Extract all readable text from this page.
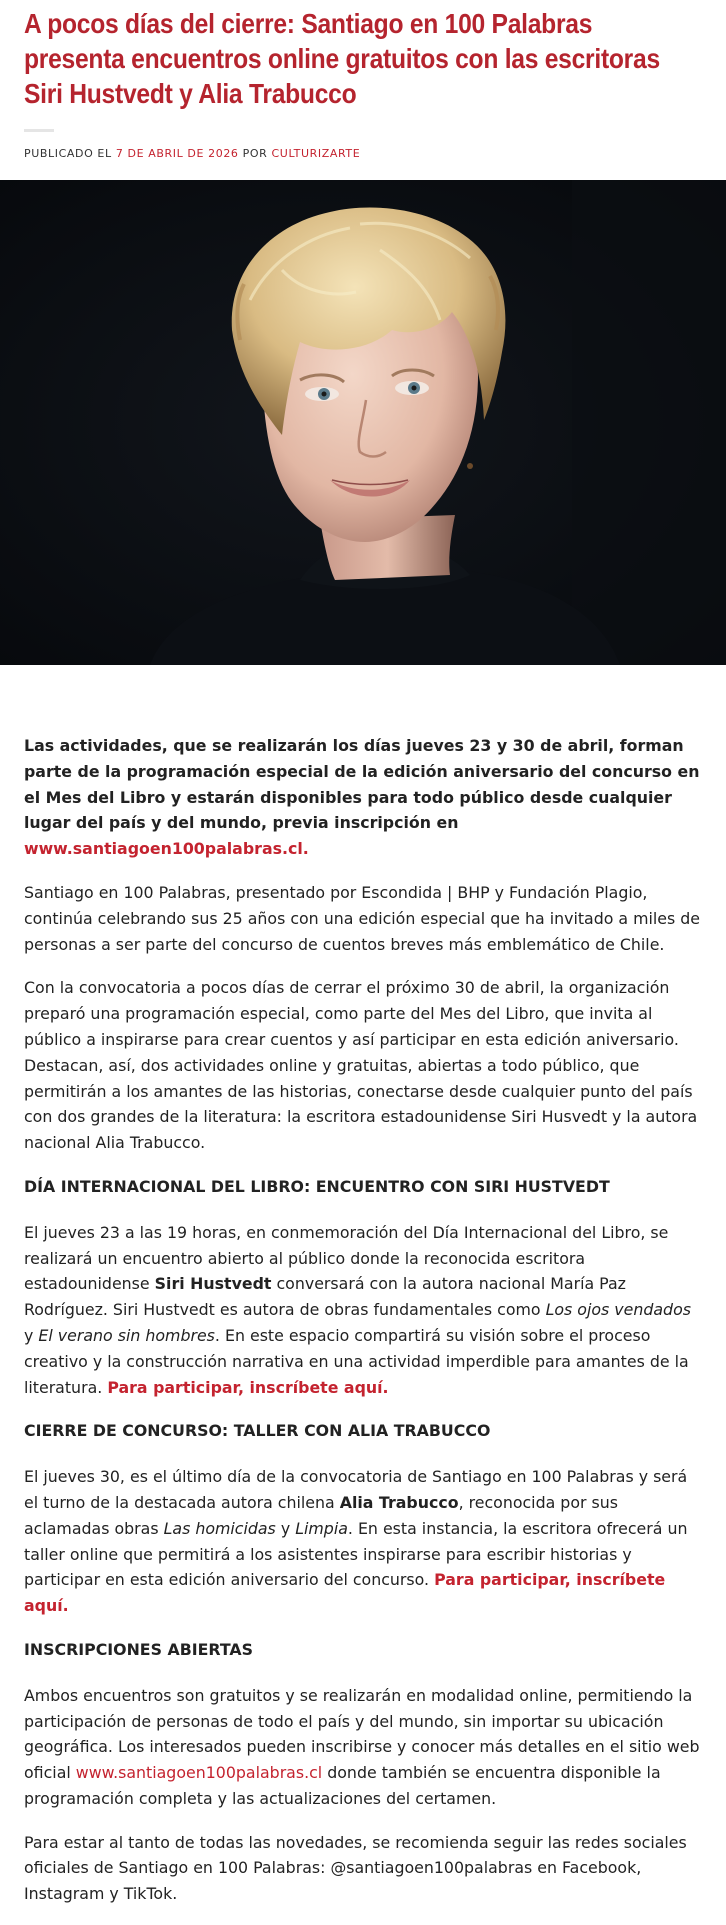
A pocos días del cierre: Santiago en 100 Palabras presenta encuentros online gratuitos con las escritoras Siri Hustvedt y Alia Trabucco
PUBLICADO EL 7 DE ABRIL DE 2026 POR CULTURIZARTE

Las actividades, que se realizarán los días jueves 23 y 30 de abril, forman parte de la programación especial de la edición aniversario del concurso en el Mes del Libro y estarán disponibles para todo público desde cualquier lugar del país y del mundo, previa inscripción en www.santiagoen100palabras.cl.

Santiago en 100 Palabras, presentado por Escondida | BHP y Fundación Plagio, continúa celebrando sus 25 años con una edición especial que ha invitado a miles de personas a ser parte del concurso de cuentos breves más emblemático de Chile.

Con la convocatoria a pocos días de cerrar el próximo 30 de abril, la organización preparó una programación especial, como parte del Mes del Libro, que invita al público a inspirarse para crear cuentos y así participar en esta edición aniversario. Destacan, así, dos actividades online y gratuitas, abiertas a todo público, que permitirán a los amantes de las historias, conectarse desde cualquier punto del país con dos grandes de la literatura: la escritora estadounidense Siri Husvedt y la autora nacional Alia Trabucco.

DÍA INTERNACIONAL DEL LIBRO: ENCUENTRO CON SIRI HUSTVEDT

El jueves 23 a las 19 horas, en conmemoración del Día Internacional del Libro, se realizará un encuentro abierto al público donde la reconocida escritora estadounidense Siri Hustvedt conversará con la autora nacional María Paz Rodríguez. Siri Hustvedt es autora de obras fundamentales como Los ojos vendados y El verano sin hombres. En este espacio compartirá su visión sobre el proceso creativo y la construcción narrativa en una actividad imperdible para amantes de la literatura. Para participar, inscríbete aquí.

CIERRE DE CONCURSO: TALLER CON ALIA TRABUCCO

El jueves 30, es el último día de la convocatoria de Santiago en 100 Palabras y será el turno de la destacada autora chilena Alia Trabucco, reconocida por sus aclamadas obras Las homicidas y Limpia. En esta instancia, la escritora ofrecerá un taller online que permitirá a los asistentes inspirarse para escribir historias y participar en esta edición aniversario del concurso. Para participar, inscríbete aquí.

INSCRIPCIONES ABIERTAS

Ambos encuentros son gratuitos y se realizarán en modalidad online, permitiendo la participación de personas de todo el país y del mundo, sin importar su ubicación geográfica. Los interesados pueden inscribirse y conocer más detalles en el sitio web oficial www.santiagoen100palabras.cl donde también se encuentra disponible la programación completa y las actualizaciones del certamen.

Para estar al tanto de todas las novedades, se recomienda seguir las redes sociales oficiales de Santiago en 100 Palabras: @santiagoen100palabras en Facebook, Instagram y TikTok.
